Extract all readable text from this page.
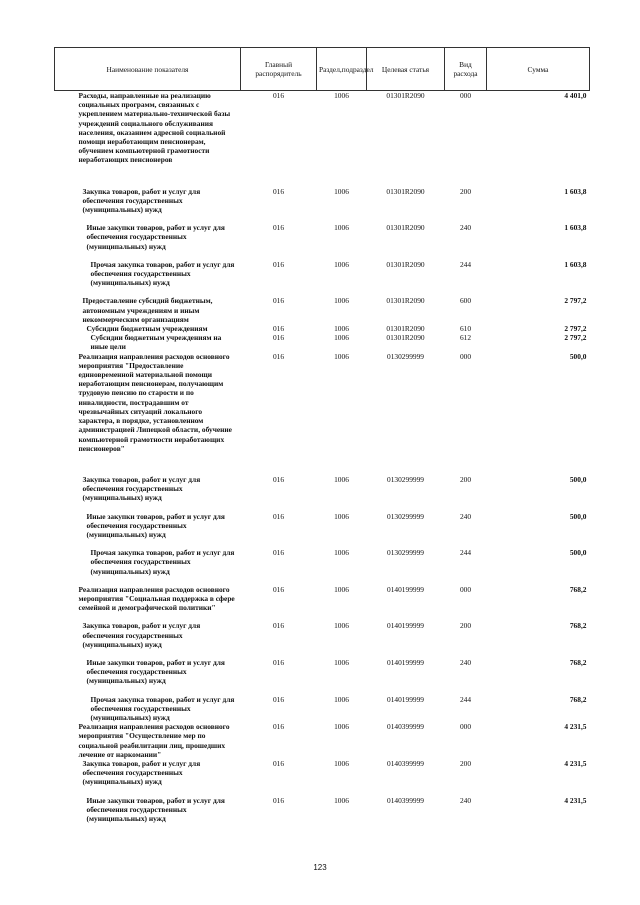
Наименование показателя	Главный распорядитель	Раздел,подраздел	Целевая статья	Вид расхода	Сумма
Расходы, направленные на реализацию социальных программ, связанных с укреплением материально-технической базы учреждений социального обслуживания населения, оказанием адресной социальной помощи неработающим пенсионерам, обучением компьютерной грамотности неработающих пенсионеров	016	1006	01301R2090	000	4 401,0

Закупка товаров, работ и услуг для обеспечения государственных (муниципальных) нужд	016	1006	01301R2090	200	1 603,8

Иные закупки товаров, работ и услуг для обеспечения государственных (муниципальных) нужд	016	1006	01301R2090	240	1 603,8

Прочая закупка товаров, работ и услуг для обеспечения государственных (муниципальных) нужд	016	1006	01301R2090	244	1 603,8

Предоставление субсидий бюджетным, автономным учреждениям и иным некоммерческим организациям	016	1006	01301R2090	600	2 797,2
Субсидии бюджетным учреждениям	016	1006	01301R2090	610	2 797,2
Субсидии бюджетным учреждениям на иные цели	016	1006	01301R2090	612	2 797,2
Реализация направления расходов основного мероприятия "Предоставление единовременной материальной помощи неработающим пенсионерам, получающим трудовую пенсию по старости и по инвалидности, пострадавшим от чрезвычайных ситуаций локального характера, в порядке, установленном администрацией Липецкой области, обучение компьютерной грамотности неработающих пенсионеров"	016	1006	0130299999	000	500,0

Закупка товаров, работ и услуг для обеспечения государственных (муниципальных) нужд	016	1006	0130299999	200	500,0

Иные закупки товаров, работ и услуг для обеспечения государственных (муниципальных) нужд	016	1006	0130299999	240	500,0

Прочая закупка товаров, работ и услуг для обеспечения государственных (муниципальных) нужд	016	1006	0130299999	244	500,0

Реализация направления расходов основного мероприятия "Социальная поддержка в сфере семейной и демографической политики"	016	1006	0140199999	000	768,2

Закупка товаров, работ и услуг для обеспечения государственных (муниципальных) нужд	016	1006	0140199999	200	768,2

Иные закупки товаров, работ и услуг для обеспечения государственных (муниципальных) нужд	016	1006	0140199999	240	768,2

Прочая закупка товаров, работ и услуг для обеспечения государственных (муниципальных) нужд	016	1006	0140199999	244	768,2
Реализация направления расходов основного мероприятия "Осуществление мер по социальной реабилитации лиц, прошедших лечение от наркомании"	016	1006	0140399999	000	4 231,5
Закупка товаров, работ и услуг для обеспечения государственных (муниципальных) нужд	016	1006	0140399999	200	4 231,5

Иные закупки товаров, работ и услуг для обеспечения государственных (муниципальных) нужд	016	1006	0140399999	240	4 231,5
123
